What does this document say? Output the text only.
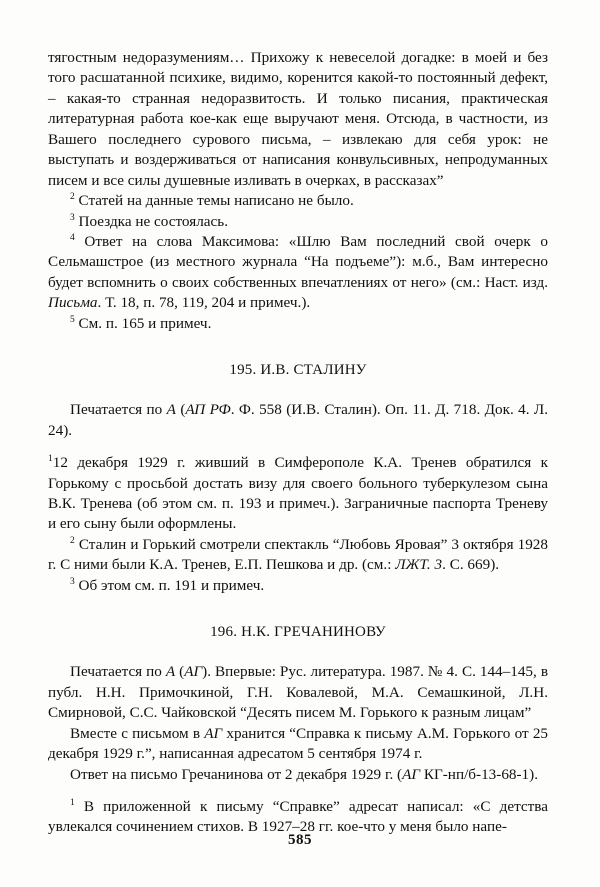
тягостным недоразумениям… Прихожу к невеселой догадке: в моей и без того расшатанной психике, видимо, коренится какой-то постоянный дефект, – какая-то странная недоразвитость. И только писания, практическая литературная работа кое-как еще выручают меня. Отсюда, в частности, из Вашего последнего сурового письма, – извлекаю для себя урок: не выступать и воздерживаться от написания конвульсивных, непродуманных писем и все силы душевные изливать в очерках, в рассказах”

$^2$ Статей на данные темы написано не было.

$^3$ Поездка не состоялась.

$^4$ Ответ на слова Максимова: «Шлю Вам последний свой очерк о Сельмашстрое (из местного журнала “На подъеме”): м.б., Вам интересно будет вспомнить о своих собственных впечатлениях от него» (см.: Наст. изд. Письма. Т. 18, п. 78, 119, 204 и примеч.).

$^5$ См. п. 165 и примеч.

195. И.В. СТАЛИНУ

Печатается по А (АП РФ. Ф. 558 (И.В. Сталин). Оп. 11. Д. 718. Док. 4. Л. 24).

$^1$12 декабря 1929 г. живший в Симферополе К.А. Тренев обратился к Горькому с просьбой достать визу для своего больного туберкулезом сына В.К. Тренева (об этом см. п. 193 и примеч.). Заграничные паспорта Треневу и его сыну были оформлены.

$^2$ Сталин и Горький смотрели спектакль “Любовь Яровая” 3 октября 1928 г. С ними были К.А. Тренев, Е.П. Пешкова и др. (см.: ЛЖТ. 3. С. 669).

$^3$ Об этом см. п. 191 и примеч.

196. Н.К. ГРЕЧАНИНОВУ

Печатается по А (АГ). Впервые: Рус. литература. 1987. № 4. С. 144–145, в публ. Н.Н. Примочкиной, Г.Н. Ковалевой, М.А. Семашкиной, Л.Н. Смирновой, С.С. Чайковской “Десять писем М. Горького к разным лицам”

Вместе с письмом в АГ хранится “Справка к письму А.М. Горького от 25 декабря 1929 г.”, написанная адресатом 5 сентября 1974 г.

Ответ на письмо Гречанинова от 2 декабря 1929 г. (АГ КГ-нп/б-13-68-1).

$^1$ В приложенной к письму “Справке” адресат написал: «С детства увлекался сочинением стихов. В 1927–28 гг. кое-что у меня было напе-

585
